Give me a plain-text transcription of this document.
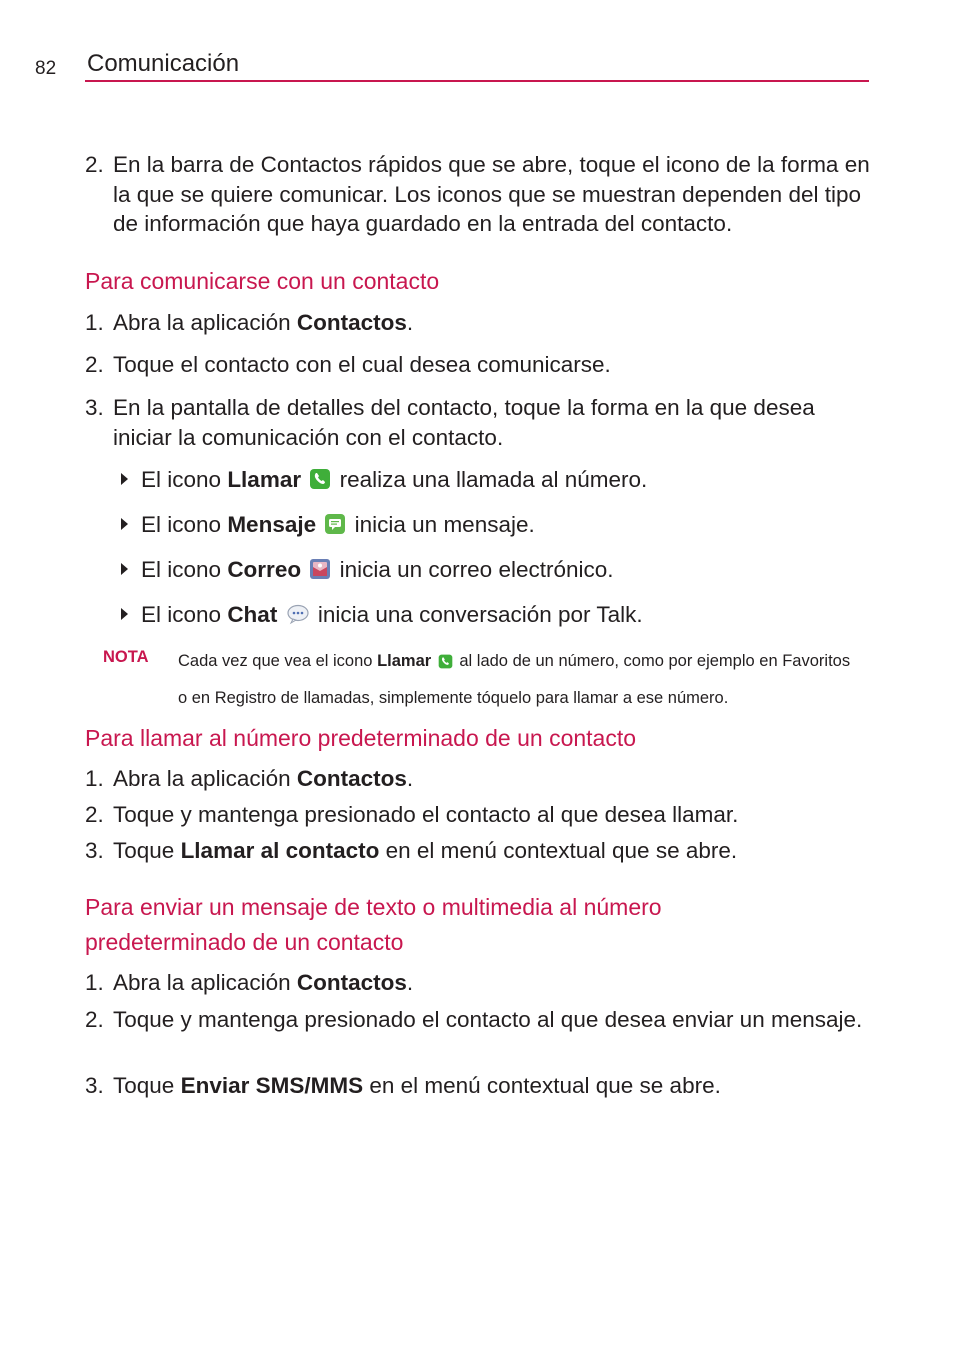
82 Comunicación
2. En la barra de Contactos rápidos que se abre, toque el icono de la forma en la que se quiere comunicar. Los iconos que se muestran dependen del tipo de información que haya guardado en la entrada del contacto.
Para comunicarse con un contacto
1. Abra la aplicación Contactos.
2. Toque el contacto con el cual desea comunicarse.
3. En la pantalla de detalles del contacto, toque la forma en la que desea iniciar la comunicación con el contacto.
El icono Llamar realiza una llamada al número.
El icono Mensaje inicia un mensaje.
El icono Correo inicia un correo electrónico.
El icono Chat inicia una conversación por Talk.
NOTA Cada vez que vea el icono Llamar al lado de un número, como por ejemplo en Favoritos o en Registro de llamadas, simplemente tóquelo para llamar a ese número.
Para llamar al número predeterminado de un contacto
1. Abra la aplicación Contactos.
2. Toque y mantenga presionado el contacto al que desea llamar.
3. Toque Llamar al contacto en el menú contextual que se abre.
Para enviar un mensaje de texto o multimedia al número
predeterminado de un contacto
1. Abra la aplicación Contactos.
2. Toque y mantenga presionado el contacto al que desea enviar un mensaje.
3. Toque Enviar SMS/MMS en el menú contextual que se abre.
